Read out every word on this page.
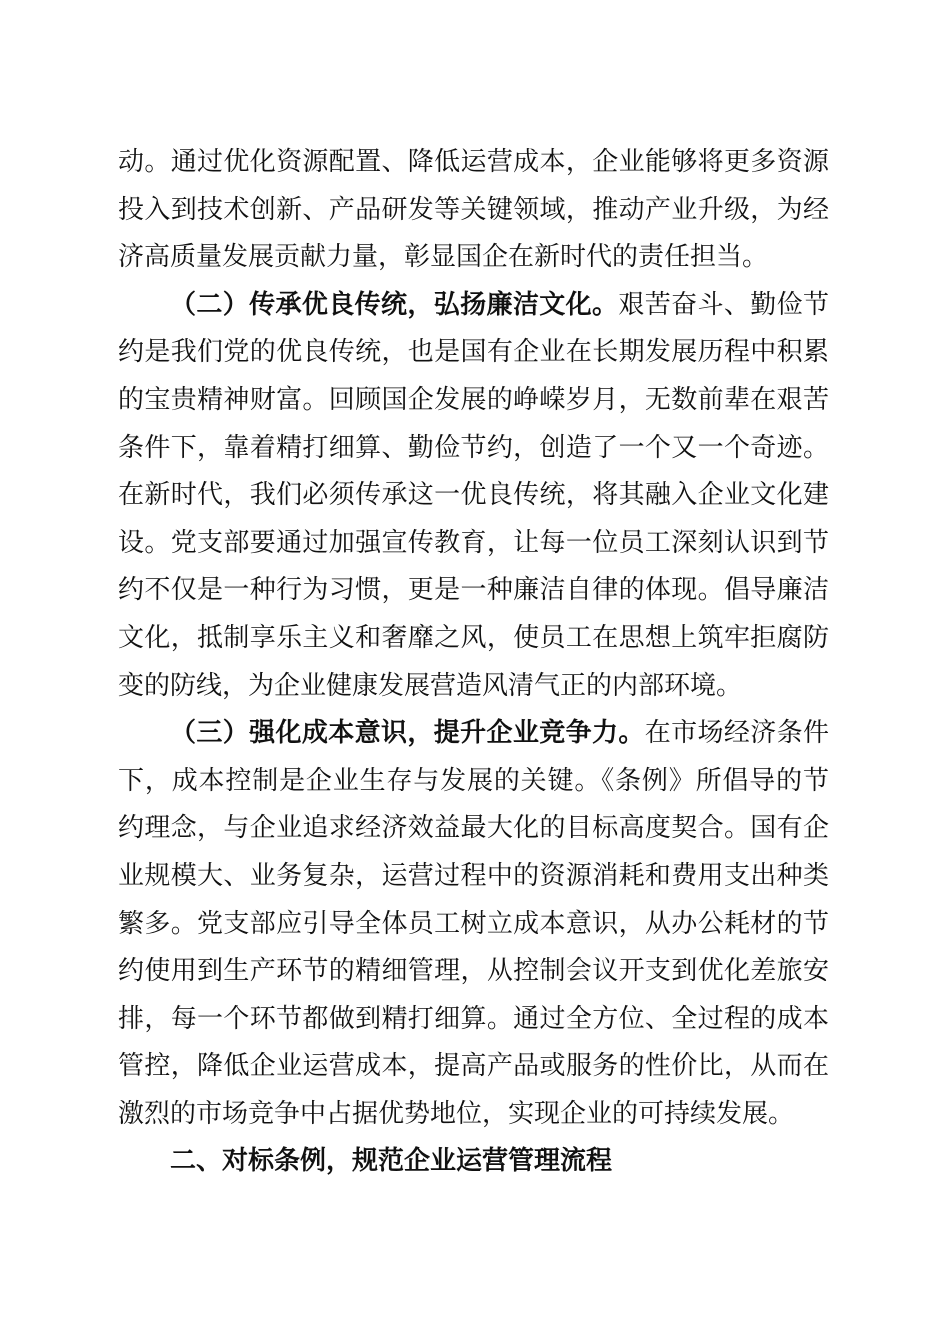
动。通过优化资源配置、降低运营成本，企业能够将更多资源投入到技术创新、产品研发等关键领域，推动产业升级，为经济高质量发展贡献力量，彰显国企在新时代的责任担当。

（二）传承优良传统，弘扬廉洁文化。艰苦奋斗、勤俭节约是我们党的优良传统，也是国有企业在长期发展历程中积累的宝贵精神财富。回顾国企发展的峥嵘岁月，无数前辈在艰苦条件下，靠着精打细算、勤俭节约，创造了一个又一个奇迹。在新时代，我们必须传承这一优良传统，将其融入企业文化建设。党支部要通过加强宣传教育，让每一位员工深刻认识到节约不仅是一种行为习惯，更是一种廉洁自律的体现。倡导廉洁文化，抵制享乐主义和奢靡之风，使员工在思想上筑牢拒腐防变的防线，为企业健康发展营造风清气正的内部环境。

（三）强化成本意识，提升企业竞争力。在市场经济条件下，成本控制是企业生存与发展的关键。《条例》所倡导的节约理念，与企业追求经济效益最大化的目标高度契合。国有企业规模大、业务复杂，运营过程中的资源消耗和费用支出种类繁多。党支部应引导全体员工树立成本意识，从办公耗材的节约使用到生产环节的精细管理，从控制会议开支到优化差旅安排，每一个环节都做到精打细算。通过全方位、全过程的成本管控，降低企业运营成本，提高产品或服务的性价比，从而在激烈的市场竞争中占据优势地位，实现企业的可持续发展。

二、对标条例，规范企业运营管理流程
